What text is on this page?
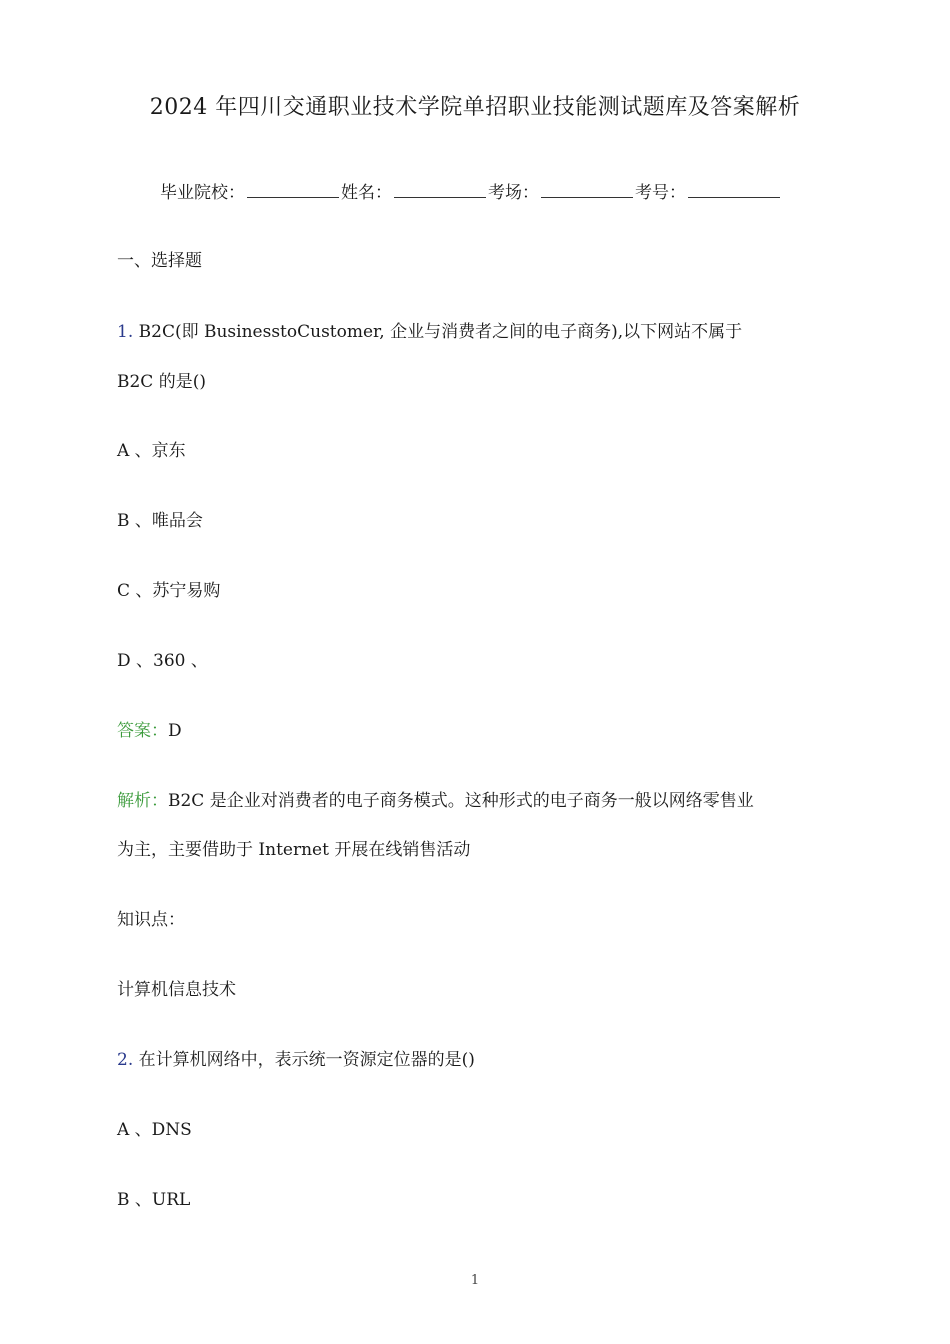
2024 年四川交通职业技术学院单招职业技能测试题库及答案解析
毕业院校：	姓名：	考场：	考号：
一、选择题
1. B2C(即 BusinesstoCustomer, 企业与消费者之间的电子商务),以下网站不属于
B2C 的是()
A 、京东
B 、唯品会
C 、苏宁易购
D 、360 、
答案：D
解析：B2C 是企业对消费者的电子商务模式。这种形式的电子商务一般以网络零售业
为主，主要借助于 Internet 开展在线销售活动
知识点：
计算机信息技术
2. 在计算机网络中，表示统一资源定位器的是()
A 、DNS
B 、URL
1
